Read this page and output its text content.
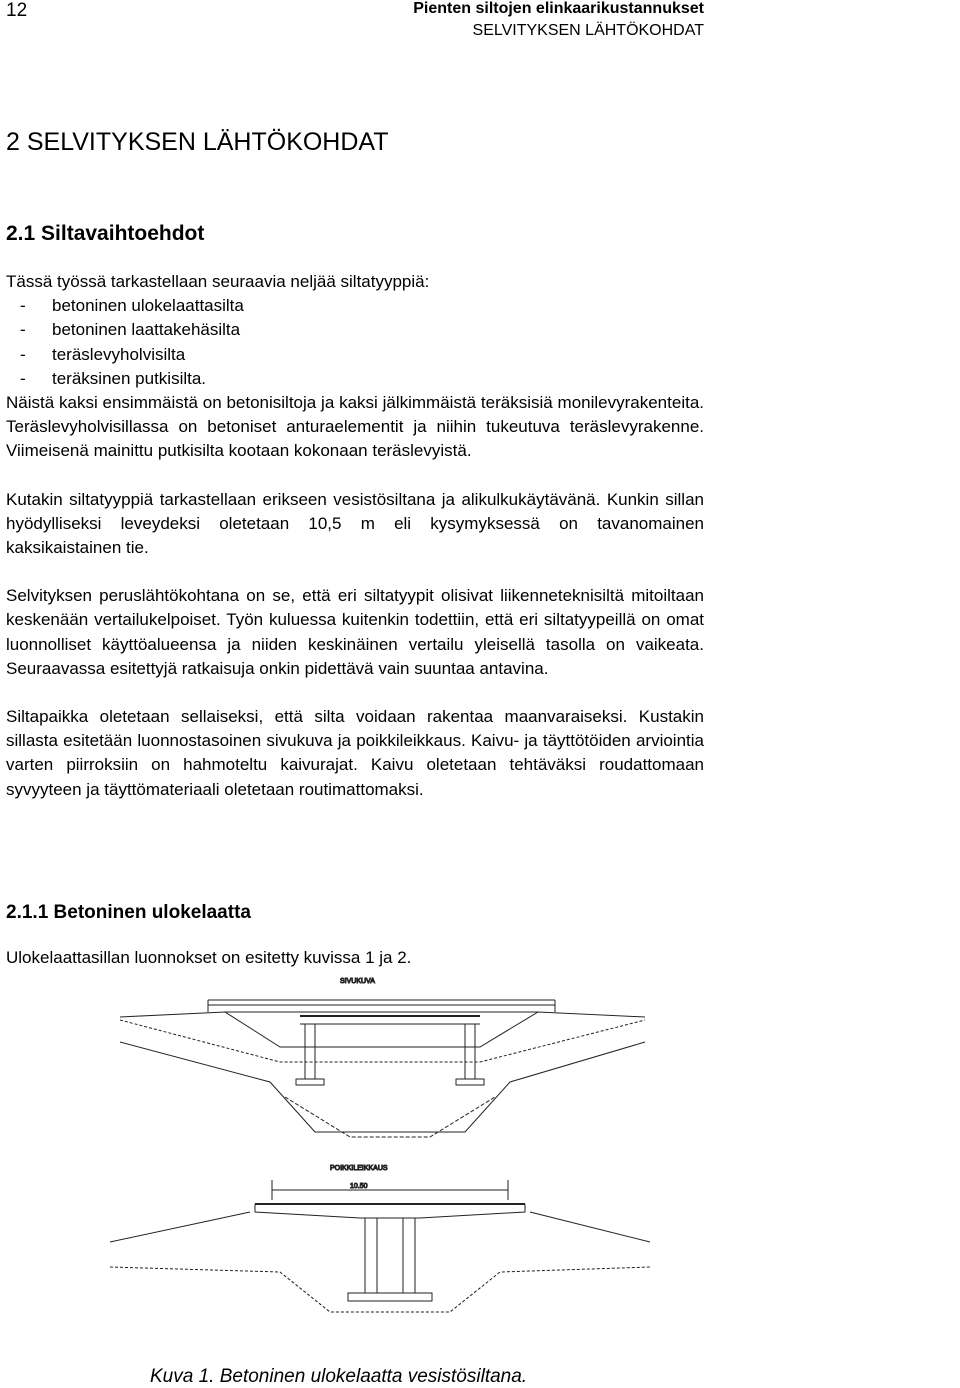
12	Pienten siltojen elinkaarikustannukset
SELVITYKSEN LÄHTÖKOHDAT
2 SELVITYKSEN LÄHTÖKOHDAT
2.1 Siltavaihtoehdot

Tässä työssä tarkastellaan seuraavia neljää siltatyyppiä:

-	betoninen ulokelaattasilta
-	betoninen laattakehäsilta
-	teräslevyholvisilta
-	teräksinen putkisilta.

Näistä kaksi ensimmäistä on betonisiltoja ja kaksi jälkimmäistä teräksisiä monilevyrakenteita. Teräslevyholvisillassa on betoniset anturaelementit ja niihin tukeutuva teräslevyrakenne. Viimeisenä mainittu putkisilta kootaan kokonaan teräslevyistä.

Kutakin siltatyyppiä tarkastellaan erikseen vesistösiltana ja alikulkukäytävänä. Kunkin sillan hyödylliseksi leveydeksi oletetaan 10,5 m eli kysymyksessä on tavanomainen kaksikaistainen tie.

Selvityksen peruslähtökohtana on se, että eri siltatyypit olisivat liikenneteknisiltä mitoiltaan keskenään vertailukelpoiset. Työn kuluessa kuitenkin todettiin, että eri siltatyypeillä on omat luonnolliset käyttöalueensa ja niiden keskinäinen vertailu yleisellä tasolla on vaikeata. Seuraavassa esitettyjä ratkaisuja onkin pidettävä vain suuntaa antavina.

Siltapaikka oletetaan sellaiseksi, että silta voidaan rakentaa maanvaraiseksi. Kustakin sillasta esitetään luonnostasoinen sivukuva ja poikkileikkaus. Kaivu- ja täyttötöiden arviointia varten piirroksiin on hahmoteltu kaivurajat. Kaivu oletetaan tehtäväksi roudattomaan syvyyteen ja täyttömateriaali oletetaan routimattomaksi.

2.1.1 Betoninen ulokelaatta
Ulokelaattasillan luonnokset on esitetty kuvissa 1 ja 2.
SIVUKUVA
POIKKILEIKKAUS
10.50
Kuva 1. Betoninen ulokelaatta vesistösiltana.
